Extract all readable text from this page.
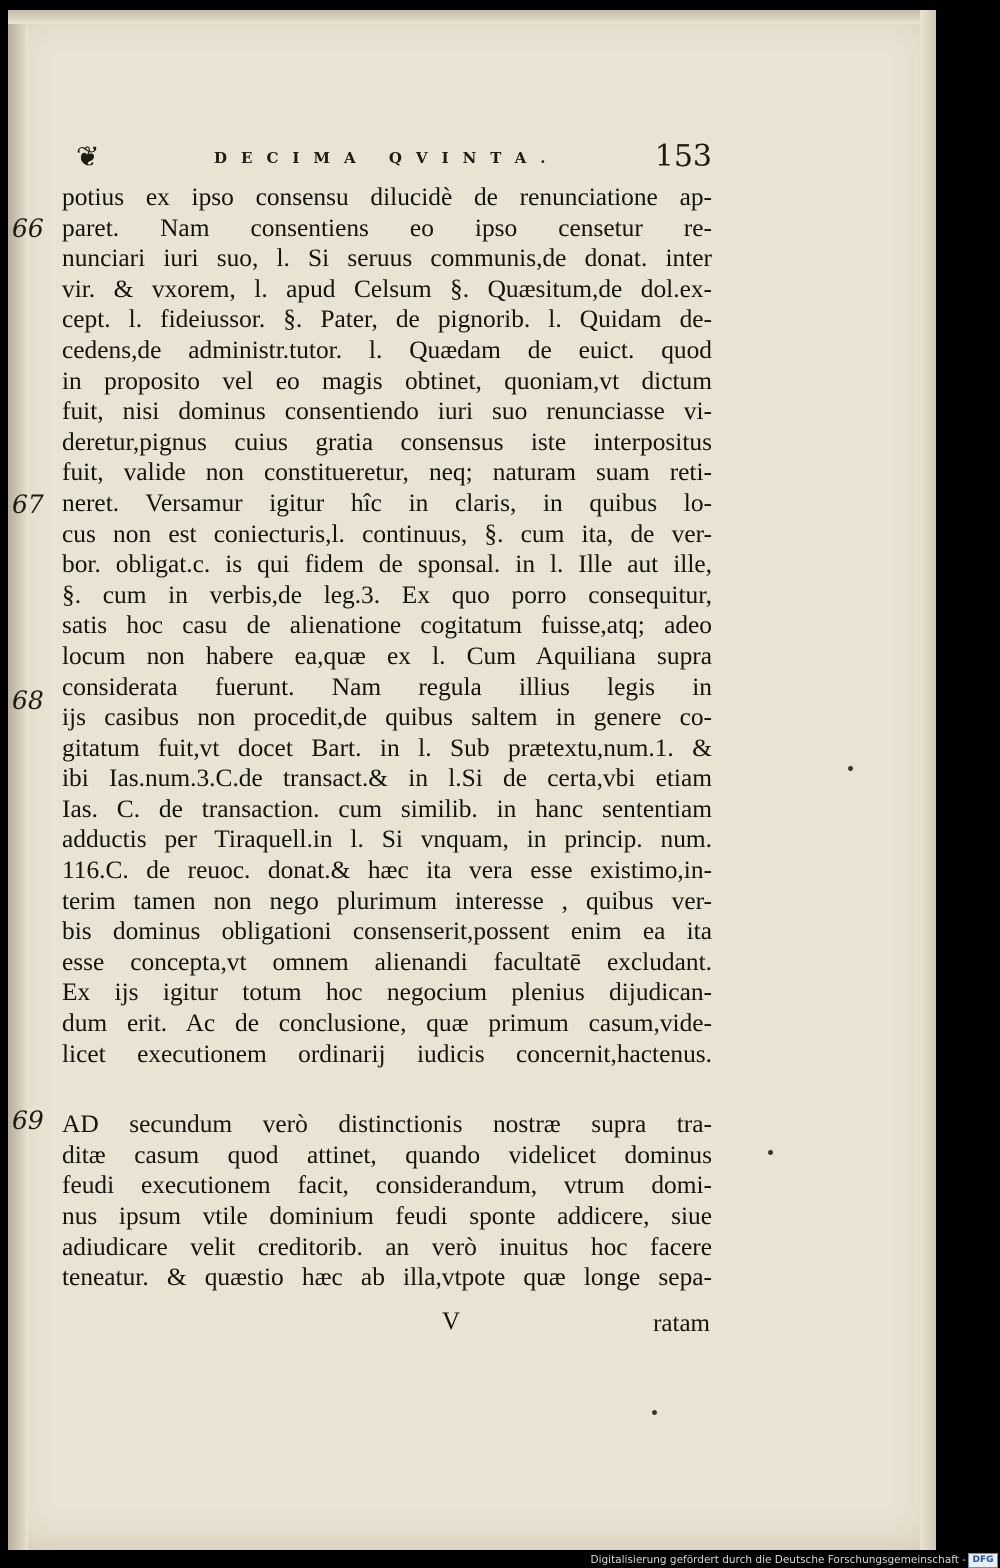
❦	DECIMA QVINTA.	153
66
67
68
69
potius ex ipso consensu dilucidè de renunciatione ap-
paret. Nam consentiens eo ipso censetur re-
nunciari iuri suo, l. Si seruus communis,de donat. inter
vir. & vxorem, l. apud Celsum §. Quæsitum,de dol.ex-
cept. l. fideiussor. §. Pater, de pignorib. l. Quidam de-
cedens,de administr.tutor. l. Quædam de euict. quod
in proposito vel eo magis obtinet, quoniam,vt dictum
fuit, nisi dominus consentiendo iuri suo renunciasse vi-
deretur,pignus cuius gratia consensus iste interpositus
fuit, valide non constitueretur, neq; naturam suam reti-
neret. Versamur igitur hîc in claris, in quibus lo-
cus non est coniecturis,l. continuus, §. cum ita, de ver-
bor. obligat.c. is qui fidem de sponsal. in l. Ille aut ille,
§. cum in verbis,de leg.3. Ex quo porro consequitur,
satis hoc casu de alienatione cogitatum fuisse,atq; adeo
locum non habere ea,quæ ex l. Cum Aquiliana supra
considerata fuerunt. Nam regula illius legis in
ijs casibus non procedit,de quibus saltem in genere co-
gitatum fuit,vt docet Bart. in l. Sub prætextu,num.1. &
ibi Ias.num.3.C.de transact.& in l.Si de certa,vbi etiam
Ias. C. de transaction. cum similib. in hanc sententiam
adductis per Tiraquell.in l. Si vnquam, in princip. num.
116.C. de reuoc. donat.& hæc ita vera esse existimo,in-
terim tamen non nego plurimum interesse , quibus ver-
bis dominus obligationi consenserit,possent enim ea ita
esse concepta,vt omnem alienandi facultatē excludant.
Ex ijs igitur totum hoc negocium plenius dijudican-
dum erit. Ac de conclusione, quæ primum casum,vide-
licet executionem ordinarij iudicis concernit,hactenus.
AD secundum verò distinctionis nostræ supra tra-
ditæ casum quod attinet, quando videlicet dominus
feudi executionem facit, considerandum, vtrum domi-
nus ipsum vtile dominium feudi sponte addicere, siue
adiudicare velit creditorib. an verò inuitus hoc facere
teneatur. & quæstio hæc ab illa,vtpote quæ longe sepa-
V	ratam
Digitalisierung gefördert durch die Deutsche Forschungsgemeinschaft - DFG
